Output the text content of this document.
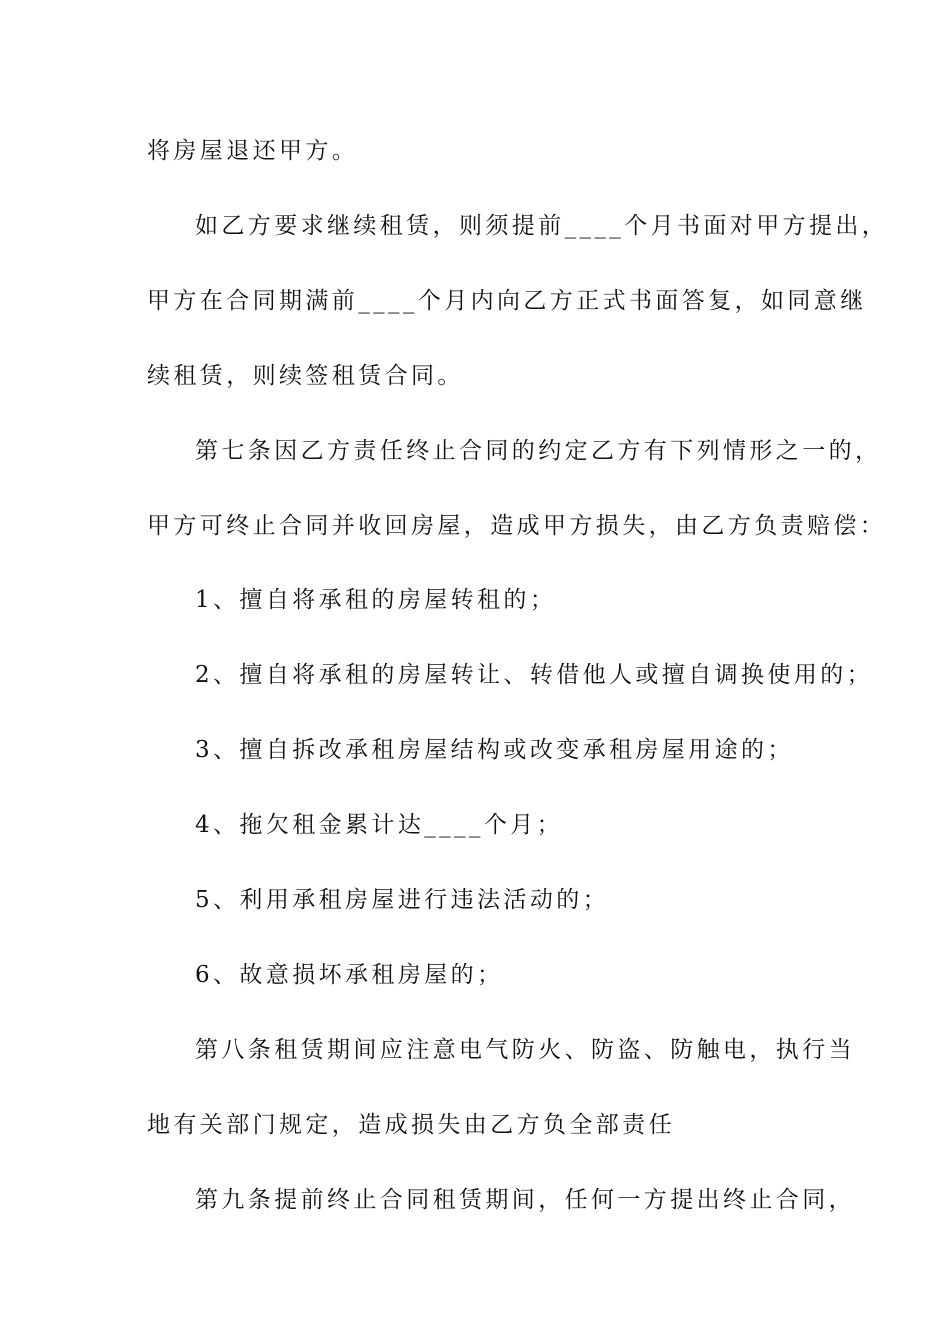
将房屋退还甲方。
如乙方要求继续租赁，则须提前____个月书面对甲方提出，
甲方在合同期满前____个月内向乙方正式书面答复，如同意继
续租赁，则续签租赁合同。
第七条因乙方责任终止合同的约定乙方有下列情形之一的，
甲方可终止合同并收回房屋，造成甲方损失，由乙方负责赔偿：
1、擅自将承租的房屋转租的；
2、擅自将承租的房屋转让、转借他人或擅自调换使用的；
3、擅自拆改承租房屋结构或改变承租房屋用途的；
4、拖欠租金累计达____个月；
5、利用承租房屋进行违法活动的；
6、故意损坏承租房屋的；
第八条租赁期间应注意电气防火、防盗、防触电，执行当
地有关部门规定，造成损失由乙方负全部责任
第九条提前终止合同租赁期间，任何一方提出终止合同，
